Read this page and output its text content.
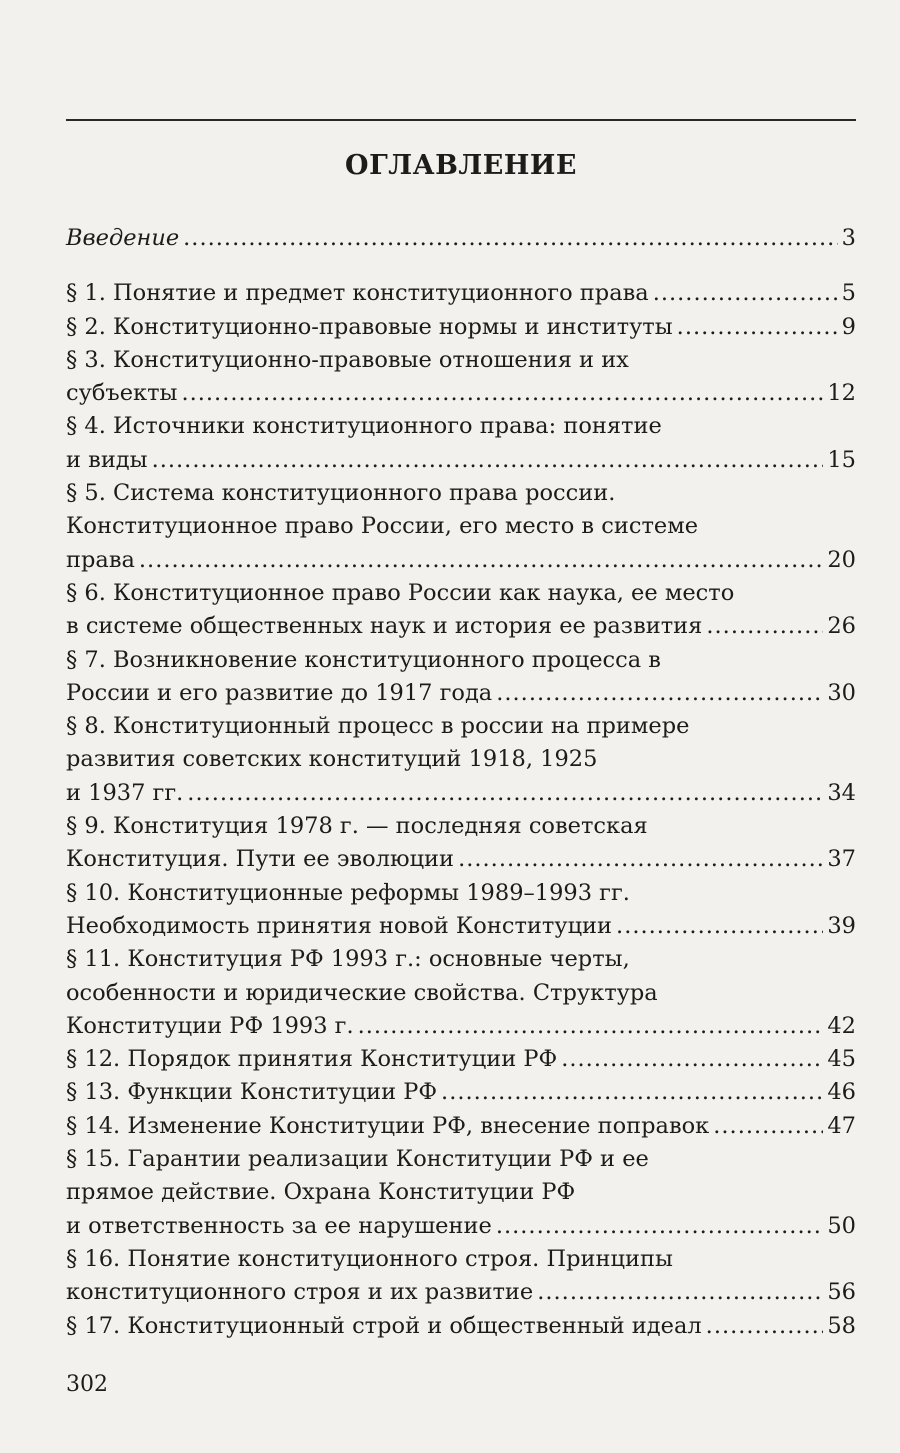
ОГЛАВЛЕНИЕ
Введение .....	3
§ 1. Понятие и предмет конституционного права .....	5
§ 2. Конституционно-правовые нормы и институты .....	9
§ 3. Конституционно-правовые отношения и их
субъекты .....	12
§ 4. Источники конституционного права: понятие
и виды .....	15
§ 5. Система конституционного права россии.
Конституционное право России, его место в системе
права .....	20
§ 6. Конституционное право России как наука, ее место
в системе общественных наук и история ее развития .....	26
§ 7. Возникновение конституционного процесса в
России и его развитие до 1917 года .....	30
§ 8. Конституционный процесс в россии на примере
развития советских конституций 1918, 1925
и 1937 гг. .....	34
§ 9. Конституция 1978 г. — последняя советская
Конституция. Пути ее эволюции .....	37
§ 10. Конституционные реформы 1989–1993 гг.
Необходимость принятия новой Конституции .....	39
§ 11. Конституция РФ 1993 г.: основные черты,
особенности и юридические свойства. Структура
Конституции РФ 1993 г. .....	42
§ 12. Порядок принятия Конституции РФ .....	45
§ 13. Функции Конституции РФ .....	46
§ 14. Изменение Конституции РФ, внесение поправок .....	47
§ 15. Гарантии реализации Конституции РФ и ее
прямое действие. Охрана Конституции РФ
и ответственность за ее нарушение .....	50
§ 16. Понятие конституционного строя. Принципы
конституционного строя и их развитие .....	56
§ 17. Конституционный строй и общественный идеал .....	58
302
